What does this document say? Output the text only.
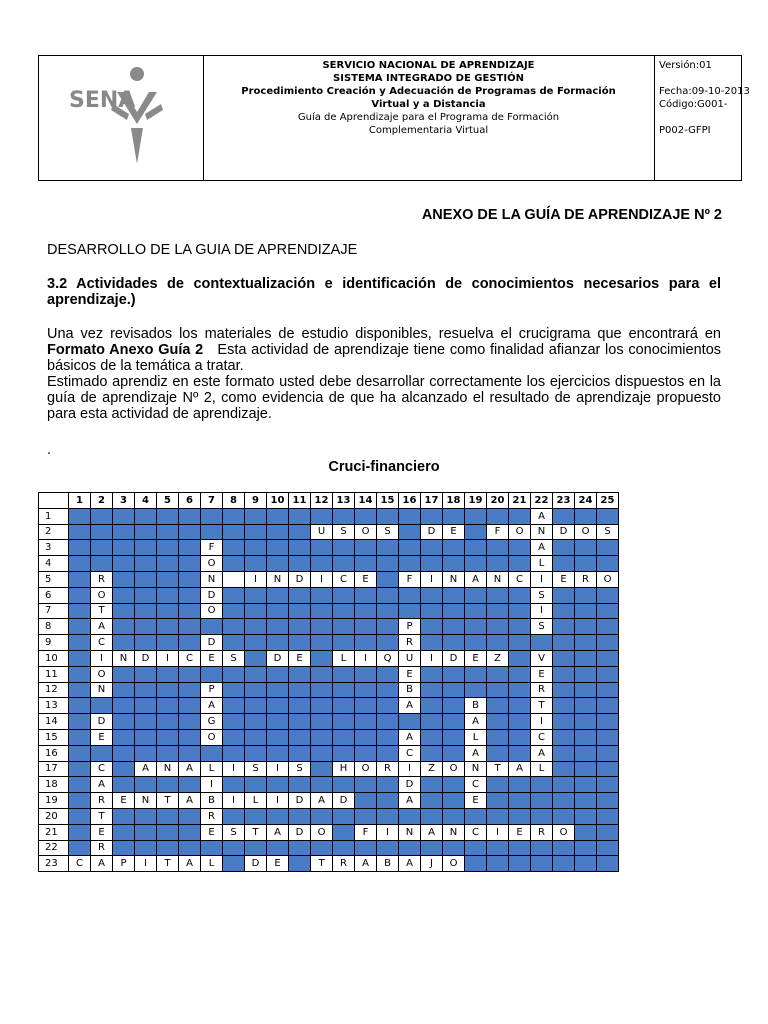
SENA
SERVICIO NACIONAL DE APRENDIZAJE
SISTEMA INTEGRADO DE GESTIÓN
Procedimiento Creación y Adecuación de Programas de Formación
Virtual y a Distancia
Guía de Aprendizaje para el Programa de Formación
Complementaria Virtual
Versión:01
Fecha:09-10-2013
Código:G001-
P002-GFPI
ANEXO DE LA GUÍA DE APRENDIZAJE Nº 2
DESARROLLO DE LA GUIA DE APRENDIZAJE
3.2 Actividades de contextualización e identificación de conocimientos necesarios para el aprendizaje.)
Una vez revisados los materiales de estudio disponibles, resuelva el crucigrama que encontrará en Formato Anexo Guía 2   Esta actividad de aprendizaje tiene como finalidad afianzar los conocimientos básicos de la temática a tratar.
Estimado aprendiz en este formato usted debe desarrollar correctamente los ejercicios dispuestos en la guía de aprendizaje Nº 2, como evidencia de que ha alcanzado el resultado de aprendizaje propuesto para esta actividad de aprendizaje.
.
Cruci-financiero
	1	2	3	4	5	6	7	8	9	10	11	12	13	14	15	16	17	18	19	20	21	22	23	24	25
1																						A			
2												U	S	O	S		D	E		F	O	N	D	O	S
3							F															A			
4							O															L			
5		R					N		I	N	D	I	C	E		F	I	N	A	N	C	I	E	R	O
6		O					D															S			
7		T					O															I			
8		A														P						S			
9		C					D									R									
10		I	N	D	I	C	E	S		D	E		L	I	Q	U	I	D	E	Z		V			
11		O														E						E			
12		N					P									B						R			
13							A									A			B			T			
14		D					G												A			I			
15		E					O									A			L			C			
16																C			A			A			
17		C		A	N	A	L	I	S	I	S		H	O	R	I	Z	O	N	T	A	L			
18		A					I									D			C						
19		R	E	N	T	A	B	I	L	I	D	A	D			A			E						
20		T					R																		
21		E					E	S	T	A	D	O		F	I	N	A	N	C	I	E	R	O		
22		R																							
23	C	A	P	I	T	A	L		D	E		T	R	A	B	A	J	O							
